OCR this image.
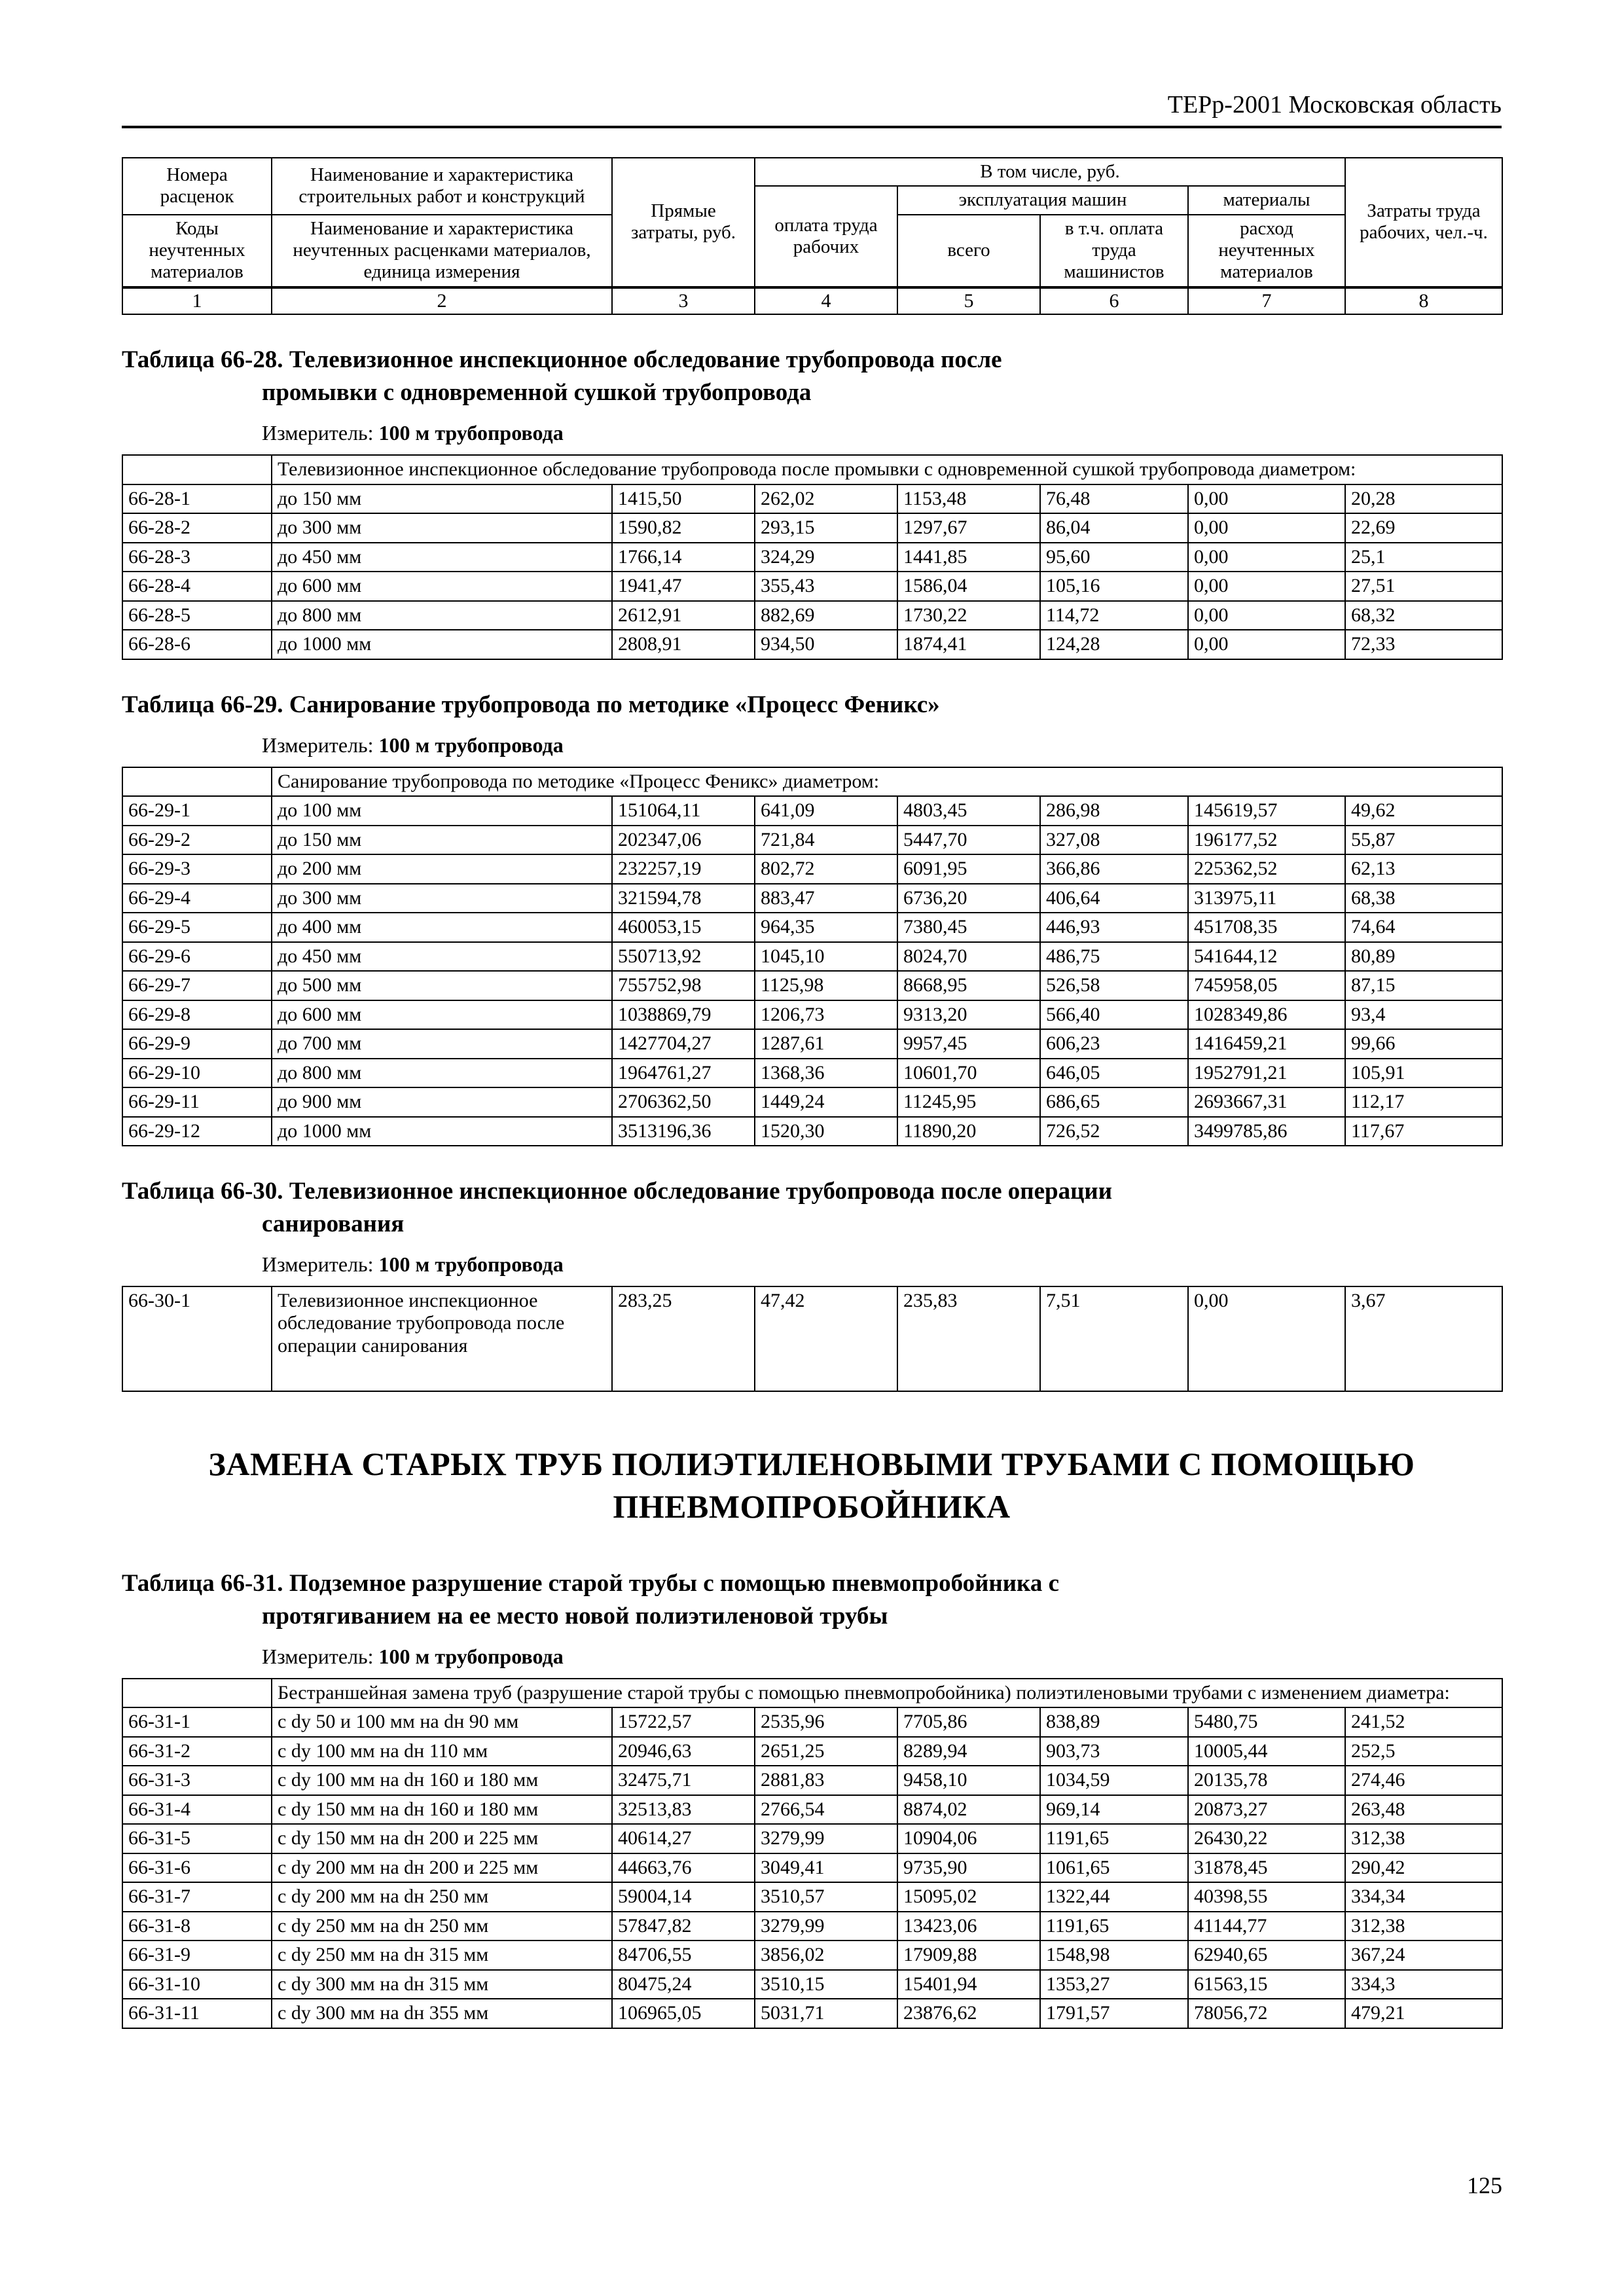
ТЕРр-2001 Московская область
Номера расценок	Наименование и характеристика строительных работ и конструкций	Прямые затраты, руб.	В том числе, руб.				Затраты труда рабочих, чел.-ч.
			оплата труда рабочих	эксплуатация машин		материалы	
Коды неучтенных материалов	Наименование и характеристика неучтенных расценками материалов, единица измерения			всего	в т.ч. оплата труда машинистов	расход неучтенных материалов	
1	2	3	4	5	6	7	8
Таблица 66-28. Телевизионное инспекционное обследование трубопровода после
промывки с одновременной сушкой трубопровода
Измеритель: 100 м трубопровода
	Телевизионное инспекционное обследование трубопровода после промывки с одновременной сушкой трубопровода диаметром:						
66-28-1	до 150 мм	1415,50	262,02	1153,48	76,48	0,00	20,28
66-28-2	до 300 мм	1590,82	293,15	1297,67	86,04	0,00	22,69
66-28-3	до 450 мм	1766,14	324,29	1441,85	95,60	0,00	25,1
66-28-4	до 600 мм	1941,47	355,43	1586,04	105,16	0,00	27,51
66-28-5	до 800 мм	2612,91	882,69	1730,22	114,72	0,00	68,32
66-28-6	до 1000 мм	2808,91	934,50	1874,41	124,28	0,00	72,33
Таблица 66-29. Санирование трубопровода по методике «Процесс Феникс»
Измеритель: 100 м трубопровода
	Санирование трубопровода по методике «Процесс Феникс» диаметром:						
66-29-1	до 100 мм	151064,11	641,09	4803,45	286,98	145619,57	49,62
66-29-2	до 150 мм	202347,06	721,84	5447,70	327,08	196177,52	55,87
66-29-3	до 200 мм	232257,19	802,72	6091,95	366,86	225362,52	62,13
66-29-4	до 300 мм	321594,78	883,47	6736,20	406,64	313975,11	68,38
66-29-5	до 400 мм	460053,15	964,35	7380,45	446,93	451708,35	74,64
66-29-6	до 450 мм	550713,92	1045,10	8024,70	486,75	541644,12	80,89
66-29-7	до 500 мм	755752,98	1125,98	8668,95	526,58	745958,05	87,15
66-29-8	до 600 мм	1038869,79	1206,73	9313,20	566,40	1028349,86	93,4
66-29-9	до 700 мм	1427704,27	1287,61	9957,45	606,23	1416459,21	99,66
66-29-10	до 800 мм	1964761,27	1368,36	10601,70	646,05	1952791,21	105,91
66-29-11	до 900 мм	2706362,50	1449,24	11245,95	686,65	2693667,31	112,17
66-29-12	до 1000 мм	3513196,36	1520,30	11890,20	726,52	3499785,86	117,67
Таблица 66-30. Телевизионное инспекционное обследование трубопровода после операции
санирования
Измеритель: 100 м трубопровода
66-30-1	Телевизионное инспекционное обследование трубопровода после операции санирования	283,25	47,42	235,83	7,51	0,00	3,67
ЗАМЕНА СТАРЫХ ТРУБ ПОЛИЭТИЛЕНОВЫМИ ТРУБАМИ С ПОМОЩЬЮ ПНЕВМОПРОБОЙНИКА
Таблица 66-31. Подземное разрушение старой трубы с помощью пневмопробойника с
протягиванием на ее место новой полиэтиленовой трубы
Измеритель: 100 м трубопровода
	Бестраншейная замена труб (разрушение старой трубы с помощью пневмопробойника) полиэтиленовыми трубами с изменением диаметра:						
66-31-1	с dу 50 и 100 мм на dн 90 мм	15722,57	2535,96	7705,86	838,89	5480,75	241,52
66-31-2	с dу 100 мм на dн 110 мм	20946,63	2651,25	8289,94	903,73	10005,44	252,5
66-31-3	с dу 100 мм на dн 160 и 180 мм	32475,71	2881,83	9458,10	1034,59	20135,78	274,46
66-31-4	с dу 150 мм на dн 160 и 180 мм	32513,83	2766,54	8874,02	969,14	20873,27	263,48
66-31-5	с dу 150 мм на dн 200 и 225 мм	40614,27	3279,99	10904,06	1191,65	26430,22	312,38
66-31-6	с dу 200 мм на dн 200 и 225 мм	44663,76	3049,41	9735,90	1061,65	31878,45	290,42
66-31-7	с dу 200 мм на dн 250 мм	59004,14	3510,57	15095,02	1322,44	40398,55	334,34
66-31-8	с dу 250 мм на dн 250 мм	57847,82	3279,99	13423,06	1191,65	41144,77	312,38
66-31-9	с dу 250 мм на dн 315 мм	84706,55	3856,02	17909,88	1548,98	62940,65	367,24
66-31-10	с dу 300 мм на dн 315 мм	80475,24	3510,15	15401,94	1353,27	61563,15	334,3
66-31-11	с dу 300 мм на dн 355 мм	106965,05	5031,71	23876,62	1791,57	78056,72	479,21
125
